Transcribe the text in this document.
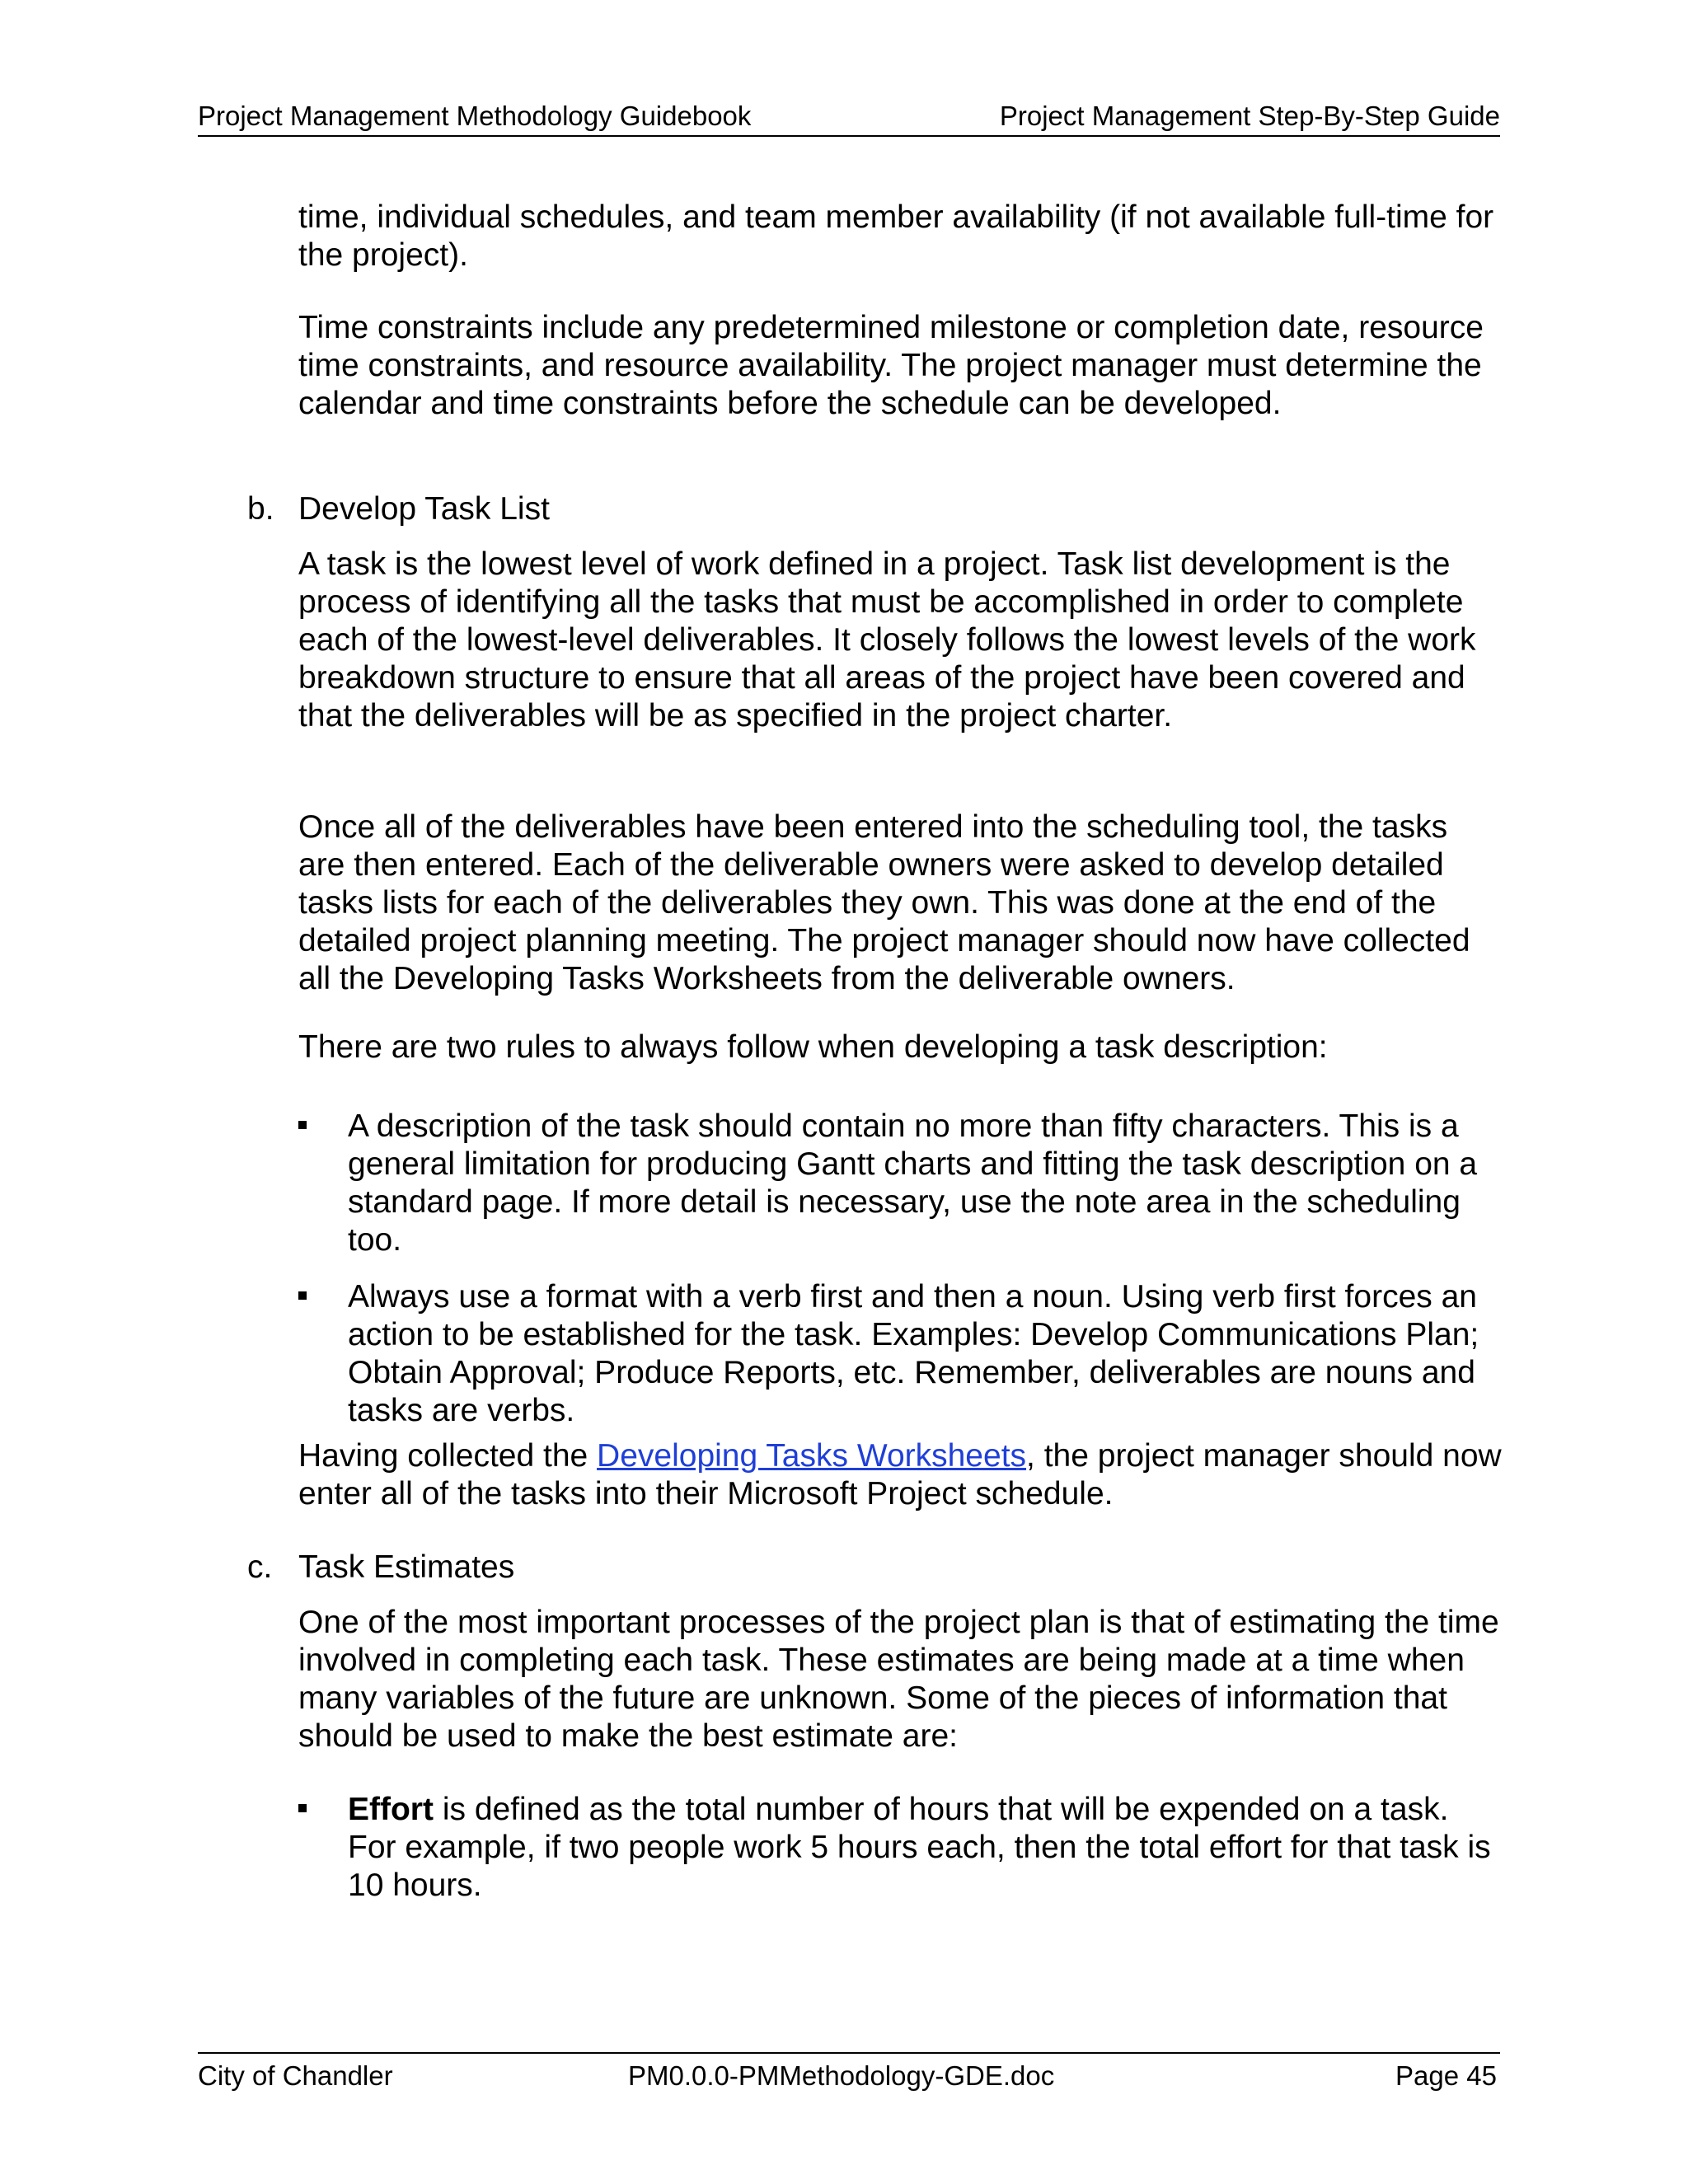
Project Management Methodology Guidebook	Project Management Step-By-Step Guide

time, individual schedules, and team member availability (if not available full-time for the project).

Time constraints include any predetermined milestone or completion date, resource time constraints, and resource availability. The project manager must determine the calendar and time constraints before the schedule can be developed.

b. Develop Task List

A task is the lowest level of work defined in a project. Task list development is the process of identifying all the tasks that must be accomplished in order to complete each of the lowest-level deliverables. It closely follows the lowest levels of the work breakdown structure to ensure that all areas of the project have been covered and that the deliverables will be as specified in the project charter.

Once all of the deliverables have been entered into the scheduling tool, the tasks are then entered. Each of the deliverable owners were asked to develop detailed tasks lists for each of the deliverables they own. This was done at the end of the detailed project planning meeting. The project manager should now have collected all the Developing Tasks Worksheets from the deliverable owners.

There are two rules to always follow when developing a task description:

A description of the task should contain no more than fifty characters. This is a general limitation for producing Gantt charts and fitting the task description on a standard page. If more detail is necessary, use the note area in the scheduling too.
Always use a format with a verb first and then a noun. Using verb first forces an action to be established for the task. Examples: Develop Communications Plan; Obtain Approval; Produce Reports, etc. Remember, deliverables are nouns and tasks are verbs.

Having collected the Developing Tasks Worksheets, the project manager should now enter all of the tasks into their Microsoft Project schedule.

c. Task Estimates

One of the most important processes of the project plan is that of estimating the time involved in completing each task. These estimates are being made at a time when many variables of the future are unknown. Some of the pieces of information that should be used to make the best estimate are:

Effort is defined as the total number of hours that will be expended on a task. For example, if two people work 5 hours each, then the total effort for that task is 10 hours.
City of Chandler	PM0.0.0-PMMethodology-GDE.doc	Page 45
